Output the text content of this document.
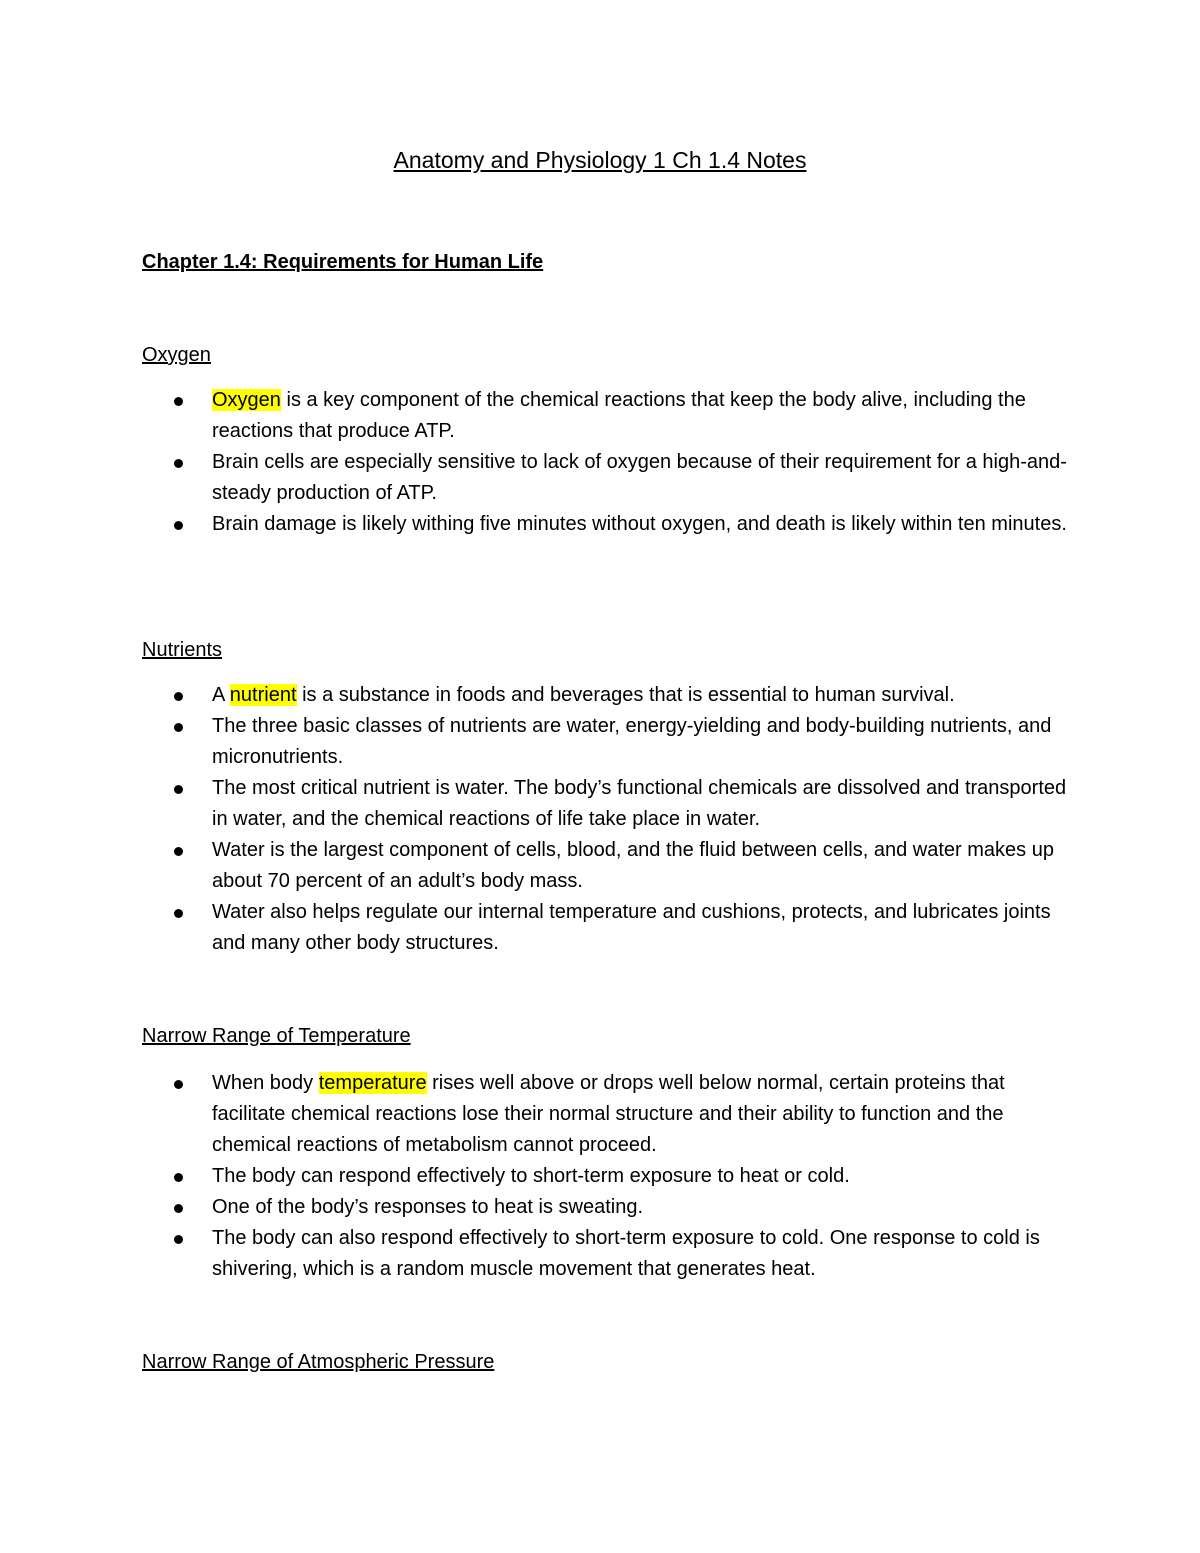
Anatomy and Physiology 1 Ch 1.4 Notes
Chapter 1.4: Requirements for Human Life
Oxygen
Oxygen is a key component of the chemical reactions that keep the body alive, including the reactions that produce ATP.
Brain cells are especially sensitive to lack of oxygen because of their requirement for a high-and-steady production of ATP.
Brain damage is likely withing five minutes without oxygen, and death is likely within ten minutes.
Nutrients
A nutrient is a substance in foods and beverages that is essential to human survival.
The three basic classes of nutrients are water, energy-yielding and body-building nutrients, and micronutrients.
The most critical nutrient is water. The body’s functional chemicals are dissolved and transported in water, and the chemical reactions of life take place in water.
Water is the largest component of cells, blood, and the fluid between cells, and water makes up about 70 percent of an adult’s body mass.
Water also helps regulate our internal temperature and cushions, protects, and lubricates joints and many other body structures.
Narrow Range of Temperature
When body temperature rises well above or drops well below normal, certain proteins that facilitate chemical reactions lose their normal structure and their ability to function and the chemical reactions of metabolism cannot proceed.
The body can respond effectively to short-term exposure to heat or cold.
One of the body’s responses to heat is sweating.
The body can also respond effectively to short-term exposure to cold. One response to cold is shivering, which is a random muscle movement that generates heat.
Narrow Range of Atmospheric Pressure
